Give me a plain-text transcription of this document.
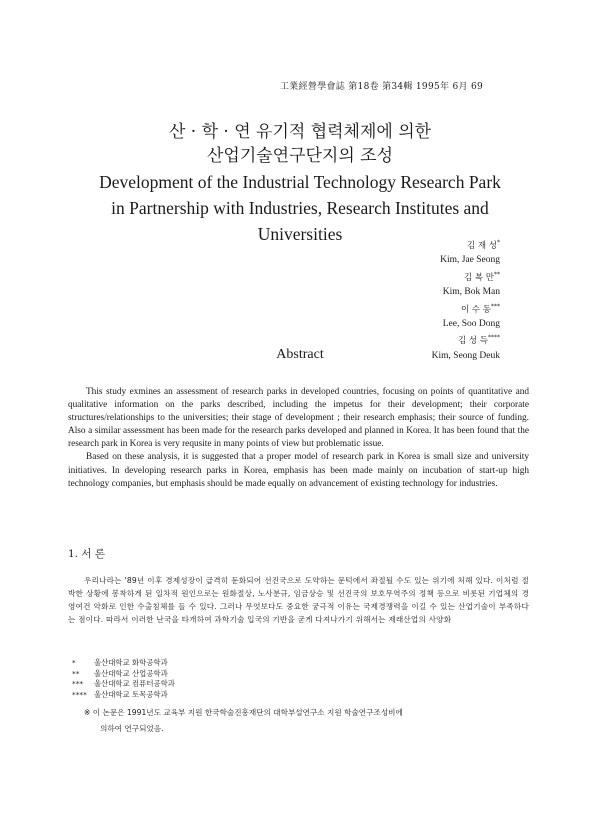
工業經營學會誌 第18卷 第34輯 1995年 6月 69
산 · 학 · 연 유기적 협력체제에 의한
산업기술연구단지의 조성
Development of the Industrial Technology Research Park
in Partnership with Industries, Research Institutes and
Universities
김 재 성*
Kim, Jae Seong
김 복 만**
Kim, Bok Man
이 수 동***
Lee, Soo Dong
김 성 득****
Kim, Seong Deuk
Abstract

This study exmines an assessment of research parks in developed countries, focusing on points of quantitative and qualitative information on the parks described, including the impetus for their development; their corporate structures/relationships to the universities; their stage of development ; their research emphasis; their source of funding. Also a similar assessment has been made for the research parks developed and planned in Korea. It has been found that the research park in Korea is very requsite in many points of view but problematic issue.

Based on these analysis, it is suggested that a proper model of research park in Korea is small size and university initiatives. In developing research parks in Korea, emphasis has been made mainly on incubation of start-up high technology companies, but emphasis should be made equally on advancement of existing technology for industries.

1. 서 론
우리나라는 '89년 이후 경제성장이 급격히 둔화되어 선진국으로 도약하는 문턱에서 좌절될 수도 있는 위기에 처해 있다. 이처럼 절박한 상황에 봉착하게 된 일차적 원인으로는 원화절상, 노사분규, 임금상승 및 선진국의 보호무역주의 정책 등으로 비롯된 기업체의 경영여건 악화로 인한 수출침체를 들 수 있다. 그러나 무엇보다도 중요한 궁극적 이유는 국제경쟁력을 이길 수 있는 산업기술이 부족하다는 점이다. 따라서 이러한 난국을 타개하여 과학기술 입국의 기반을 굳게 다져나가기 위해서는 제래산업의 사양화
*	울산대학교 화학공학과
**	울산대학교 산업공학과
***	울산대학교 컴퓨터공학과
**** 울산대학교 토목공학과
※ 이 논문은 1991년도 교육부 지원 한국학술진흥재단의 대학부설연구소 지원 학술연구조성비에
의하여 연구되었음.
